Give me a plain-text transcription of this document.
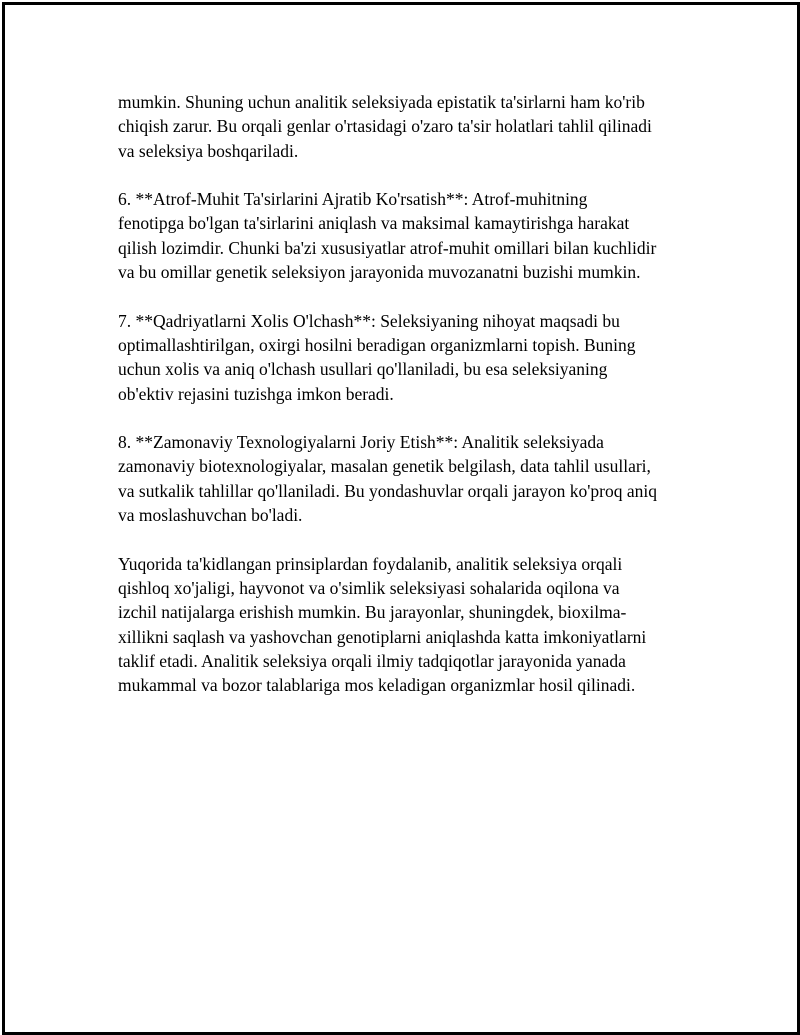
mumkin. Shuning uchun analitik seleksiyada epistatik ta'sirlarni ham ko'rib
chiqish zarur. Bu orqali genlar o'rtasidagi o'zaro ta'sir holatlari tahlil qilinadi
va seleksiya boshqariladi.

6. **Atrof-Muhit Ta'sirlarini Ajratib Ko'rsatish**: Atrof-muhitning
fenotipga bo'lgan ta'sirlarini aniqlash va maksimal kamaytirishga harakat
qilish lozimdir. Chunki ba'zi xususiyatlar atrof-muhit omillari bilan kuchlidir
va bu omillar genetik seleksiyon jarayonida muvozanatni buzishi mumkin.

7. **Qadriyatlarni Xolis O'lchash**: Seleksiyaning nihoyat maqsadi bu
optimallashtirilgan, oxirgi hosilni beradigan organizmlarni topish. Buning
uchun xolis va aniq o'lchash usullari qo'llaniladi, bu esa seleksiyaning
ob'ektiv rejasini tuzishga imkon beradi.

8. **Zamonaviy Texnologiyalarni Joriy Etish**: Analitik seleksiyada
zamonaviy biotexnologiyalar, masalan genetik belgilash, data tahlil usullari,
va sutkalik tahlillar qo'llaniladi. Bu yondashuvlar orqali jarayon ko'proq aniq
va moslashuvchan bo'ladi.

Yuqorida ta'kidlangan prinsiplardan foydalanib, analitik seleksiya orqali
qishloq xo'jaligi, hayvonot va o'simlik seleksiyasi sohalarida oqilona va
izchil natijalarga erishish mumkin. Bu jarayonlar, shuningdek, bioxilma-
xillikni saqlash va yashovchan genotiplarni aniqlashda katta imkoniyatlarni
taklif etadi. Analitik seleksiya orqali ilmiy tadqiqotlar jarayonida yanada
mukammal va bozor talablariga mos keladigan organizmlar hosil qilinadi.
